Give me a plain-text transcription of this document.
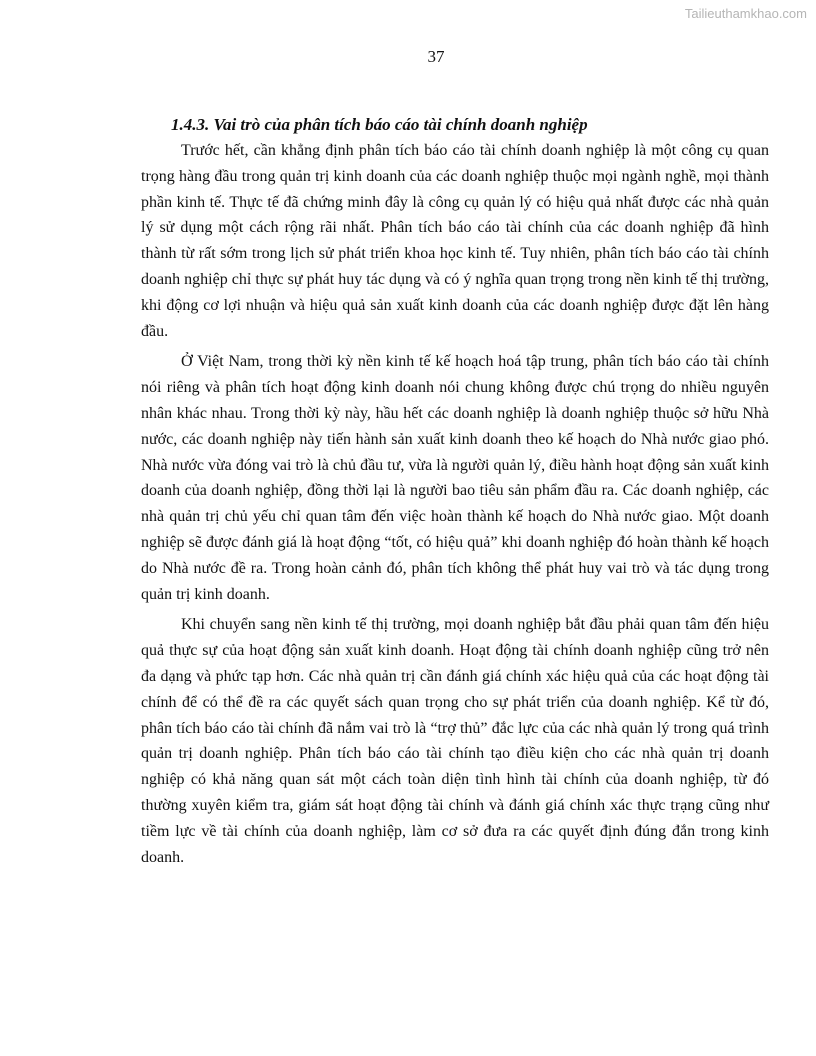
Tailieuthamkhao.com
37
1.4.3. Vai trò của phân tích báo cáo tài chính doanh nghiệp

Trước hết, cần khẳng định phân tích báo cáo tài chính doanh nghiệp là một công cụ quan trọng hàng đầu trong quản trị kinh doanh của các doanh nghiệp thuộc mọi ngành nghề, mọi thành phần kinh tế. Thực tế đã chứng minh đây là công cụ quản lý có hiệu quả nhất được các nhà quản lý sử dụng một cách rộng rãi nhất. Phân tích báo cáo tài chính của các doanh nghiệp đã hình thành từ rất sớm trong lịch sử phát triển khoa học kinh tế. Tuy nhiên, phân tích báo cáo tài chính doanh nghiệp chỉ thực sự phát huy tác dụng và có ý nghĩa quan trọng trong nền kinh tế thị trường, khi động cơ lợi nhuận và hiệu quả sản xuất kinh doanh của các doanh nghiệp được đặt lên hàng đầu.

Ở Việt Nam, trong thời kỳ nền kinh tế kế hoạch hoá tập trung, phân tích báo cáo tài chính nói riêng và phân tích hoạt động kinh doanh nói chung không được chú trọng do nhiều nguyên nhân khác nhau. Trong thời kỳ này, hầu hết các doanh nghiệp là doanh nghiệp thuộc sở hữu Nhà nước, các doanh nghiệp này tiến hành sản xuất kinh doanh theo kế hoạch do Nhà nước giao phó. Nhà nước vừa đóng vai trò là chủ đầu tư, vừa là người quản lý, điều hành hoạt động sản xuất kinh doanh của doanh nghiệp, đồng thời lại là người bao tiêu sản phẩm đầu ra. Các doanh nghiệp, các nhà quản trị chủ yếu chỉ quan tâm đến việc hoàn thành kế hoạch do Nhà nước giao. Một doanh nghiệp sẽ được đánh giá là hoạt động “tốt, có hiệu quả” khi doanh nghiệp đó hoàn thành kế hoạch do Nhà nước đề ra. Trong hoàn cảnh đó, phân tích không thể phát huy vai trò và tác dụng trong quản trị kinh doanh.

Khi chuyển sang nền kinh tế thị trường, mọi doanh nghiệp bắt đầu phải quan tâm đến hiệu quả thực sự của hoạt động sản xuất kinh doanh. Hoạt động tài chính doanh nghiệp cũng trở nên đa dạng và phức tạp hơn. Các nhà quản trị cần đánh giá chính xác hiệu quả của các hoạt động tài chính để có thể đề ra các quyết sách quan trọng cho sự phát triển của doanh nghiệp. Kể từ đó, phân tích báo cáo tài chính đã nắm vai trò là “trợ thủ” đắc lực của các nhà quản lý trong quá trình quản trị doanh nghiệp. Phân tích báo cáo tài chính tạo điều kiện cho các nhà quản trị doanh nghiệp có khả năng quan sát một cách toàn diện tình hình tài chính của doanh nghiệp, từ đó thường xuyên kiểm tra, giám sát hoạt động tài chính và đánh giá chính xác thực trạng cũng như tiềm lực về tài chính của doanh nghiệp, làm cơ sở đưa ra các quyết định đúng đắn trong kinh doanh.
